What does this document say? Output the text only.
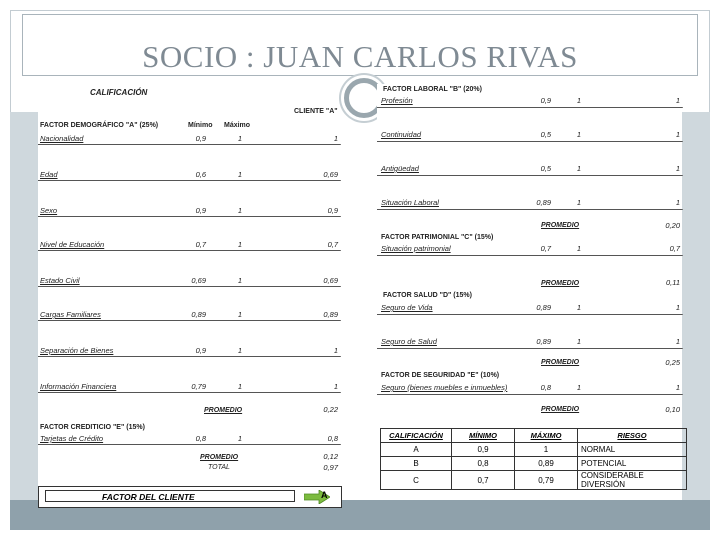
SOCIO : JUAN CARLOS RIVAS
CALIFICACIÓN
CLIENTE "A"
FACTOR DEMOGRÁFICO "A" (25%)	Mínimo Máximo
Nacionalidad	0,9	1	1
Edad	0,6	1	0,69
Sexo	0,9	1	0,9
Nivel de Educación	0,7	1	0,7
Estado Civil	0,69	1	0,69
Cargas Familiares	0,89	1	0,89
Separación de Bienes	0,9	1	1
Información Financiera	0,79	1	1
PROMEDIO	0,22
FACTOR CREDITICIO "E" (15%)
Tarjetas de Crédito	0,8	1	0,8
PROMEDIO	0,12
TOTAL	0,97
FACTOR DEL CLIENTE	A
FACTOR LABORAL "B" (20%)
Profesión	0,9	1	1
Continuidad	0,5	1	1
Antigüedad	0,5	1	1
Situación Laboral	0,89	1	1
PROMEDIO	0,20
FACTOR PATRIMONIAL "C" (15%)
Situación patrimonial	0,7	1	0,7
PROMEDIO	0,11
FACTOR SALUD "D" (15%)
Seguro de Vida	0,89	1	1
Seguro de Salud	0,89	1	1
PROMEDIO	0,25
FACTOR DE SEGURIDAD "E" (10%)
Seguro (bienes muebles e inmuebles)	0,8	1	1
PROMEDIO	0,10
CALIFICACIÓN	MÍNIMO	MÁXIMO	RIESGO
A	0,9	1	NORMAL
B	0,8	0,89	POTENCIAL
C	0,7	0,79	CONSIDERABLE DIVERSIÓN
